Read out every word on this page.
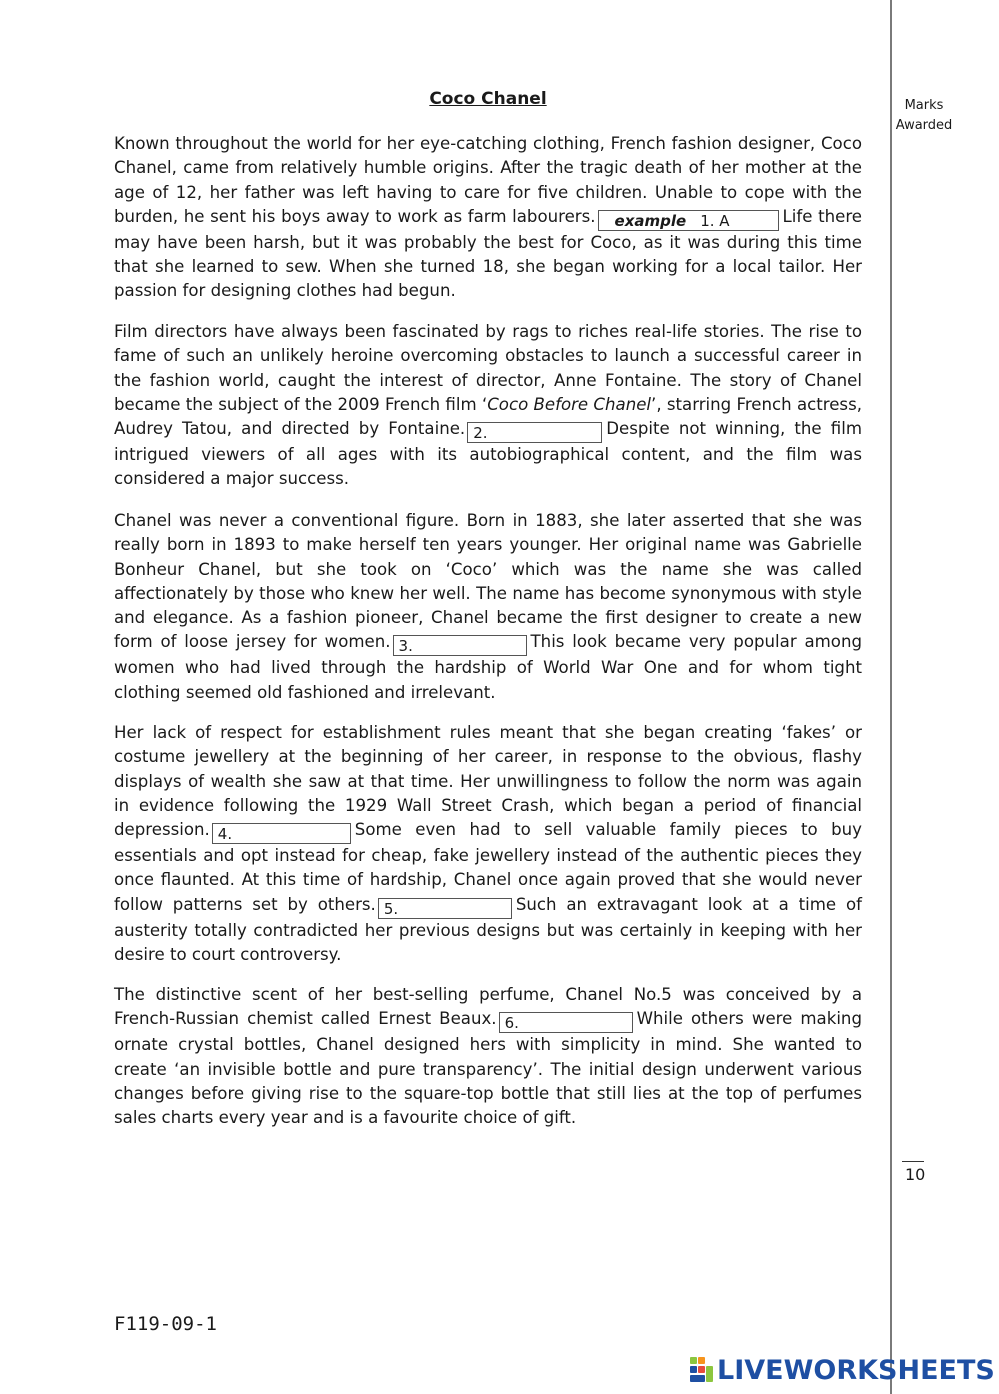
Marks
Awarded
Coco Chanel

Known throughout the world for her eye-catching clothing, French fashion designer, Coco Chanel, came from relatively humble origins. After the tragic death of her mother at the age of 12, her father was left having to care for five children. Unable to cope with the burden, he sent his boys away to work as farm labourers. example 1. A	Life there may have been harsh, but it was probably the best for Coco, as it was during this time that she learned to sew. When she turned 18, she began working for a local tailor. Her passion for designing clothes had begun.

Film directors have always been fascinated by rags to riches real-life stories. The rise to fame of such an unlikely heroine overcoming obstacles to launch a successful career in the fashion world, caught the interest of director, Anne Fontaine. The story of Chanel became the subject of the 2009 French film ‘Coco Before Chanel’, starring French actress, Audrey Tatou, and directed by Fontaine. 2.	Despite not winning, the film intrigued viewers of all ages with its autobiographical content, and the film was considered a major success.

Chanel was never a conventional figure. Born in 1883, she later asserted that she was really born in 1893 to make herself ten years younger. Her original name was Gabrielle Bonheur Chanel, but she took on ‘Coco’ which was the name she was called affectionately by those who knew her well. The name has become synonymous with style and elegance. As a fashion pioneer, Chanel became the first designer to create a new form of loose jersey for women. 3.	This look became very popular among women who had lived through the hardship of World War One and for whom tight clothing seemed old fashioned and irrelevant.

Her lack of respect for establishment rules meant that she began creating ‘fakes’ or costume jewellery at the beginning of her career, in response to the obvious, flashy displays of wealth she saw at that time. Her unwillingness to follow the norm was again in evidence following the 1929 Wall Street Crash, which began a period of financial depression. 4.	Some even had to sell valuable family pieces to buy essentials and opt instead for cheap, fake jewellery instead of the authentic pieces they once flaunted. At this time of hardship, Chanel once again proved that she would never follow patterns set by others. 5.	Such an extravagant look at a time of austerity totally contradicted her previous designs but was certainly in keeping with her desire to court controversy.

The distinctive scent of her best-selling perfume, Chanel No.5 was conceived by a French-Russian chemist called Ernest Beaux. 6.	While others were making ornate crystal bottles, Chanel designed hers with simplicity in mind. She wanted to create ‘an invisible bottle and pure transparency’. The initial design underwent various changes before giving rise to the square-top bottle that still lies at the top of perfumes sales charts every year and is a favourite choice of gift.

10
F119-09-1
LIVEWORKSHEETS
